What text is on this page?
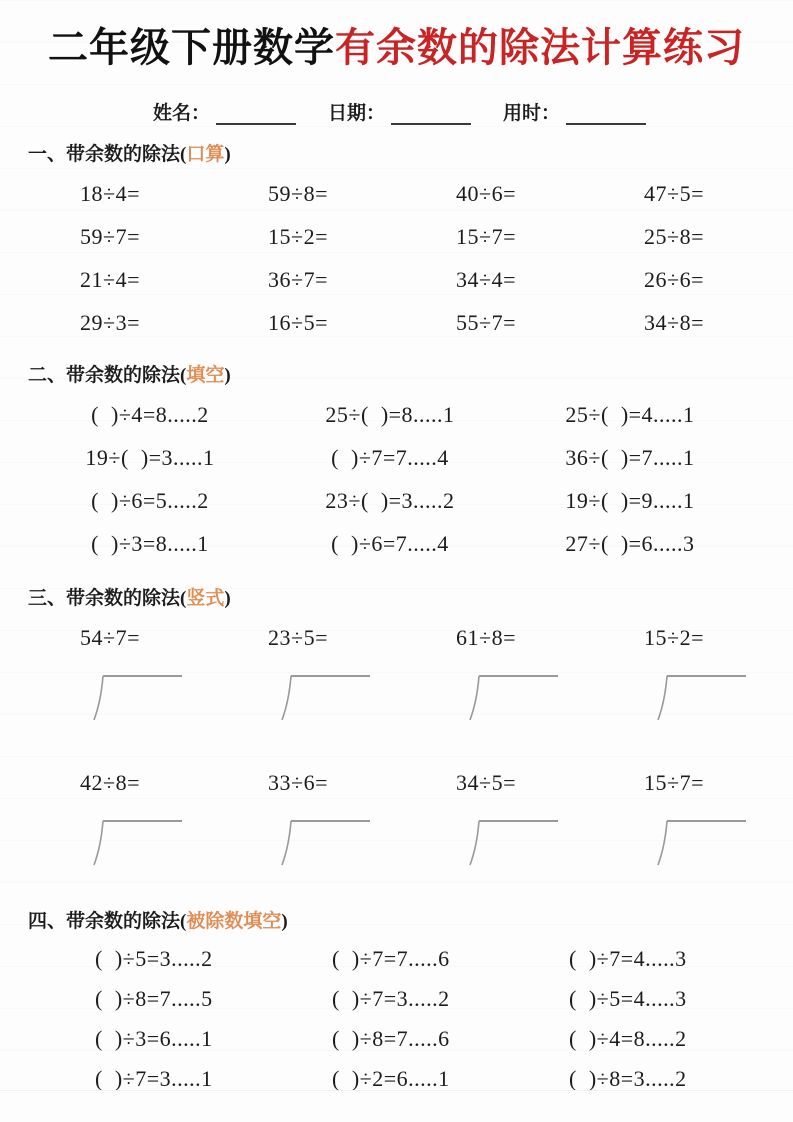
二年级下册数学有余数的除法计算练习
姓名：	日期：	用时：
一、带余数的除法(口算)
18÷4=	59÷8=	40÷6=	47÷5=
59÷7=	15÷2=	15÷7=	25÷8=
21÷4=	36÷7=	34÷4=	26÷6=
29÷3=	16÷5=	55÷7=	34÷8=
二、带余数的除法(填空)
(  )÷4=8.....2	25÷(  )=8.....1	25÷(  )=4.....1
19÷(  )=3.....1	(  )÷7=7.....4	36÷(  )=7.....1
(  )÷6=5.....2	23÷(  )=3.....2	19÷(  )=9.....1
(  )÷3=8.....1	(  )÷6=7.....4	27÷(  )=6.....3
三、带余数的除法(竖式)
54÷7=	23÷5=	61÷8=	15÷2=
42÷8=	33÷6=	34÷5=	15÷7=
四、带余数的除法(被除数填空)
(  )÷5=3.....2	(  )÷7=7.....6	(  )÷7=4.....3
(  )÷8=7.....5	(  )÷7=3.....2	(  )÷5=4.....3
(  )÷3=6.....1	(  )÷8=7.....6	(  )÷4=8.....2
(  )÷7=3.....1	(  )÷2=6.....1	(  )÷8=3.....2
